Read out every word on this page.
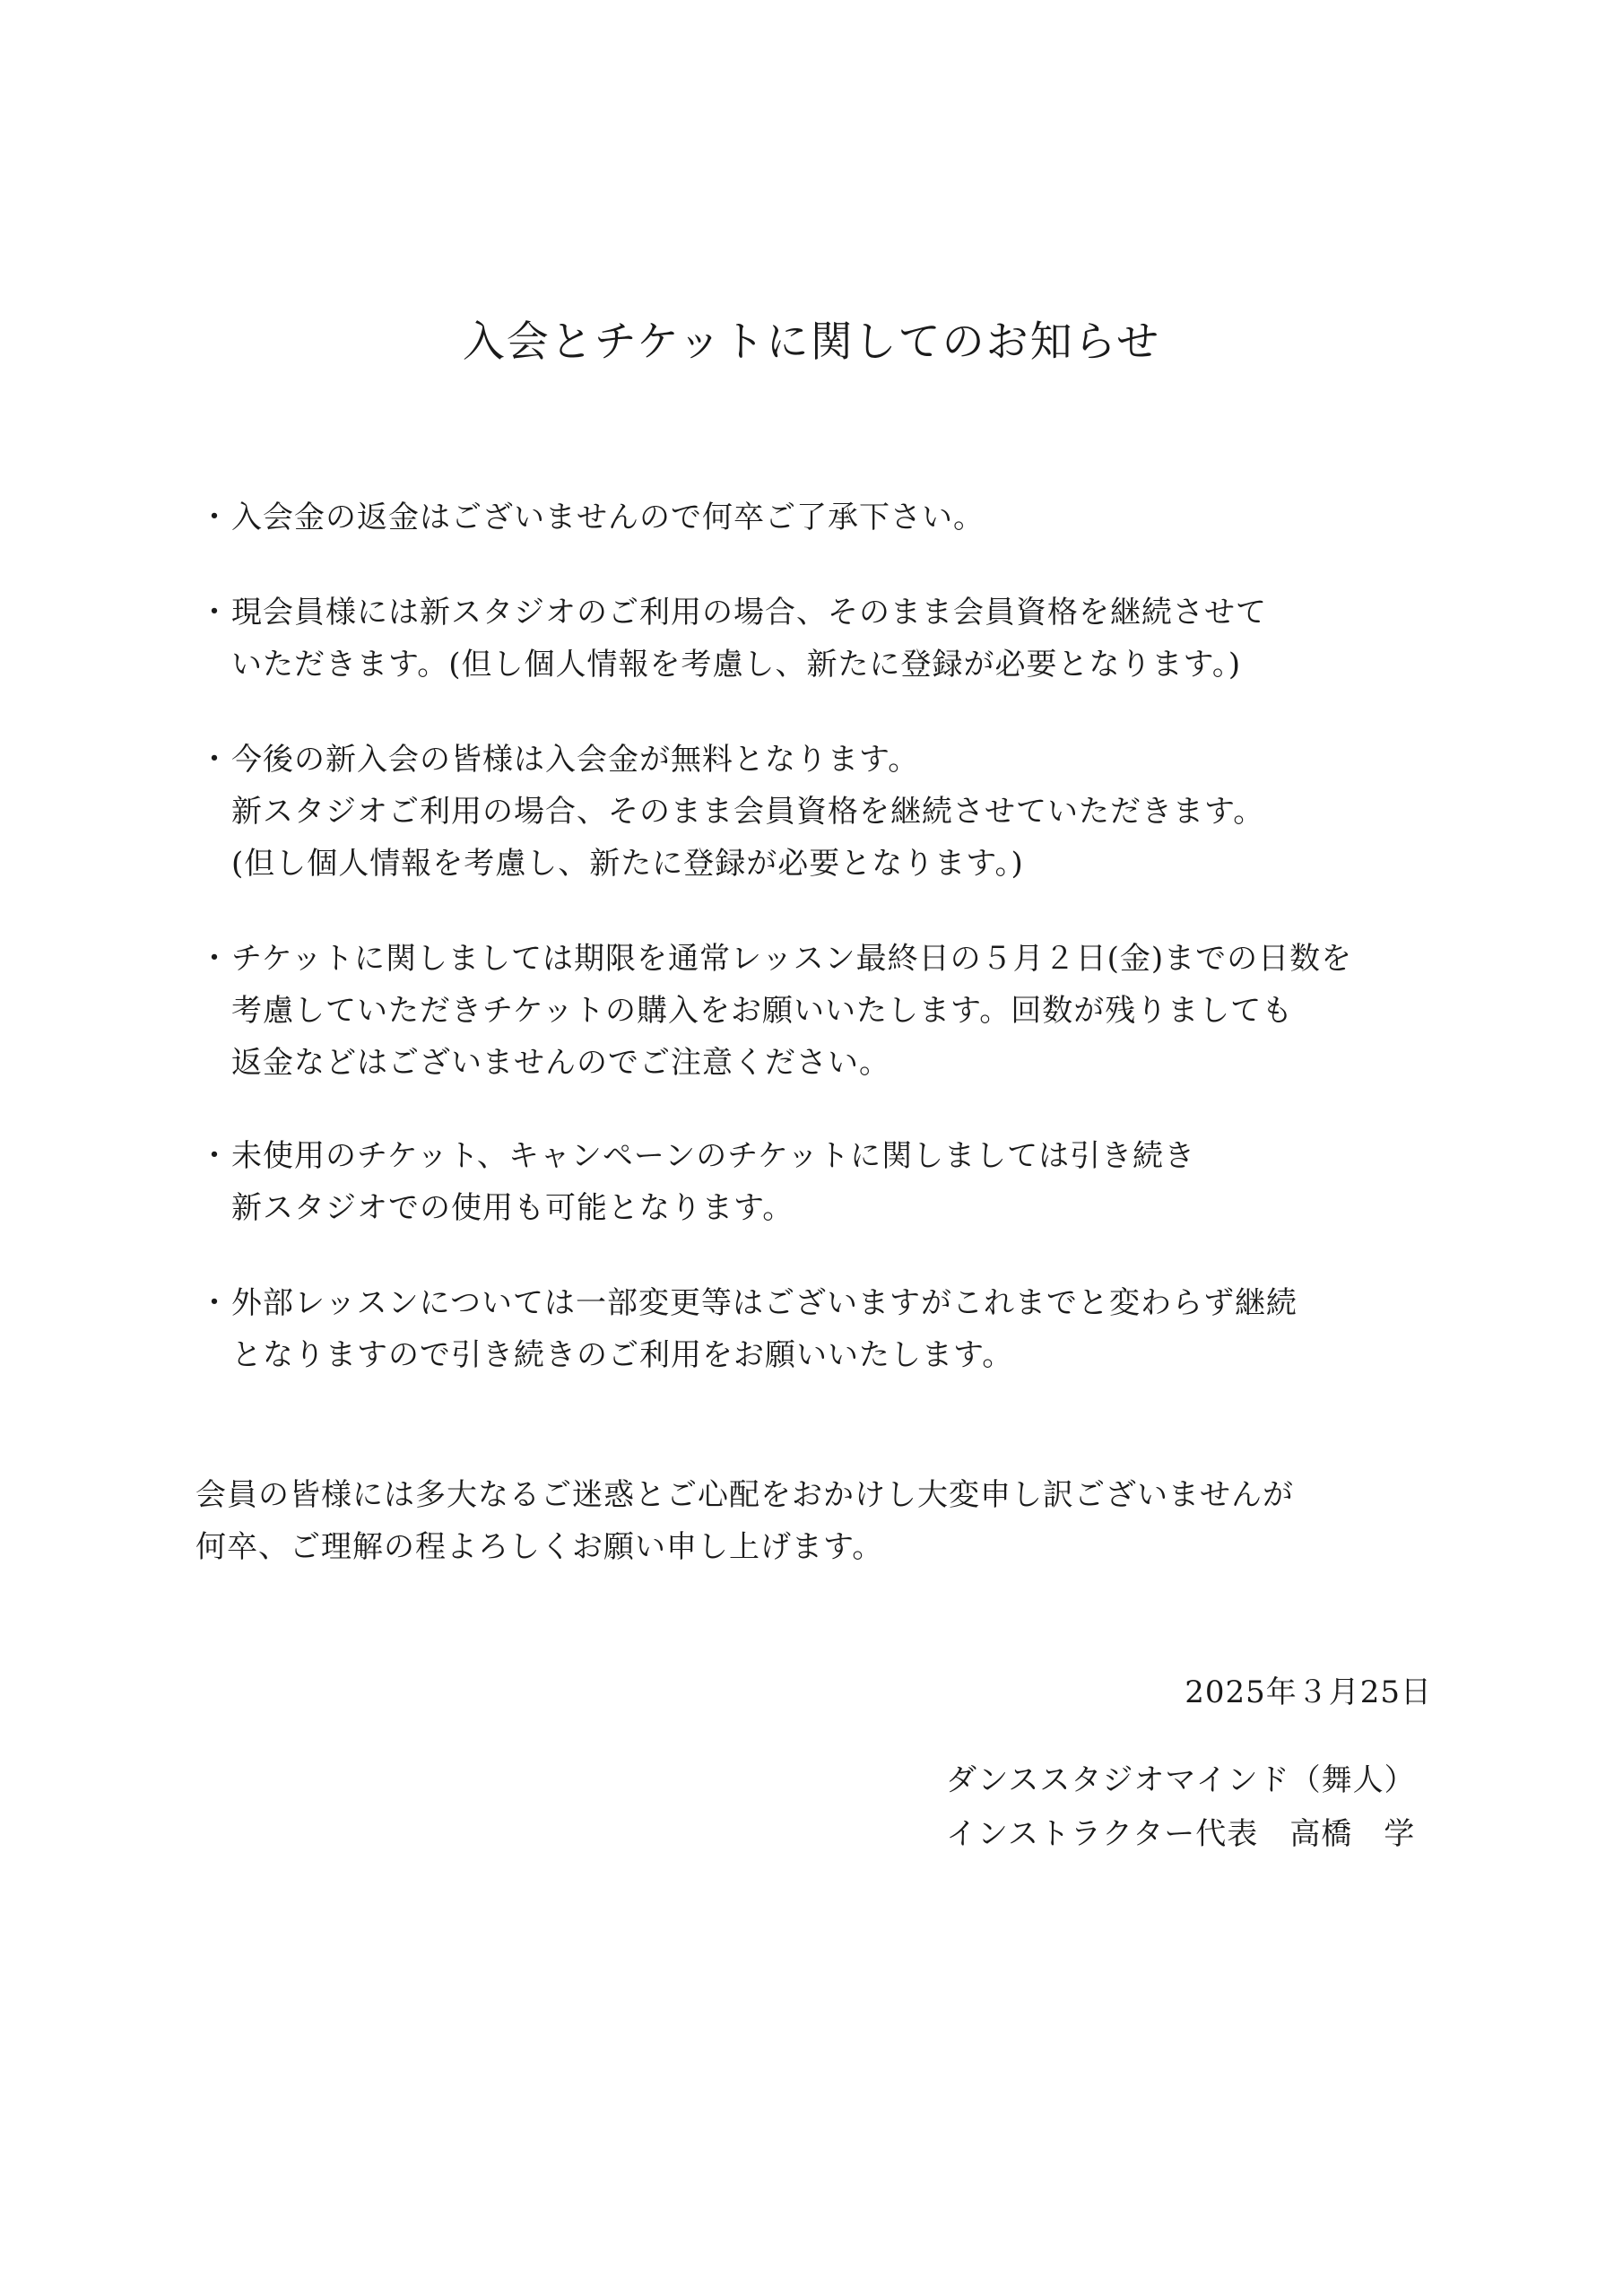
入会とチケットに関してのお知らせ
・ 入会金の返金はございませんので何卒ご了承下さい。
・ 現会員様には新スタジオのご利用の場合、そのまま会員資格を継続させて
いただきます。(但し個人情報を考慮し、新たに登録が必要となります。)
・ 今後の新入会の皆様は入会金が無料となります。
新スタジオご利用の場合、そのまま会員資格を継続させていただきます。
(但し個人情報を考慮し、新たに登録が必要となります。)
・ チケットに関しましては期限を通常レッスン最終日の５月２日(金)までの日数を
考慮していただきチケットの購入をお願いいたします。回数が残りましても
返金などはございませんのでご注意ください。
・ 未使用のチケット、キャンペーンのチケットに関しましては引き続き
新スタジオでの使用も可能となります。
・ 外部レッスンについては一部変更等はございますがこれまでと変わらず継続
となりますので引き続きのご利用をお願いいたします。
会員の皆様には多大なるご迷惑とご心配をおかけし大変申し訳ございませんが
何卒、ご理解の程よろしくお願い申し上げます。
2025年３月25日
ダンススタジオマインド（舞人）
インストラクター代表　高橋　学
